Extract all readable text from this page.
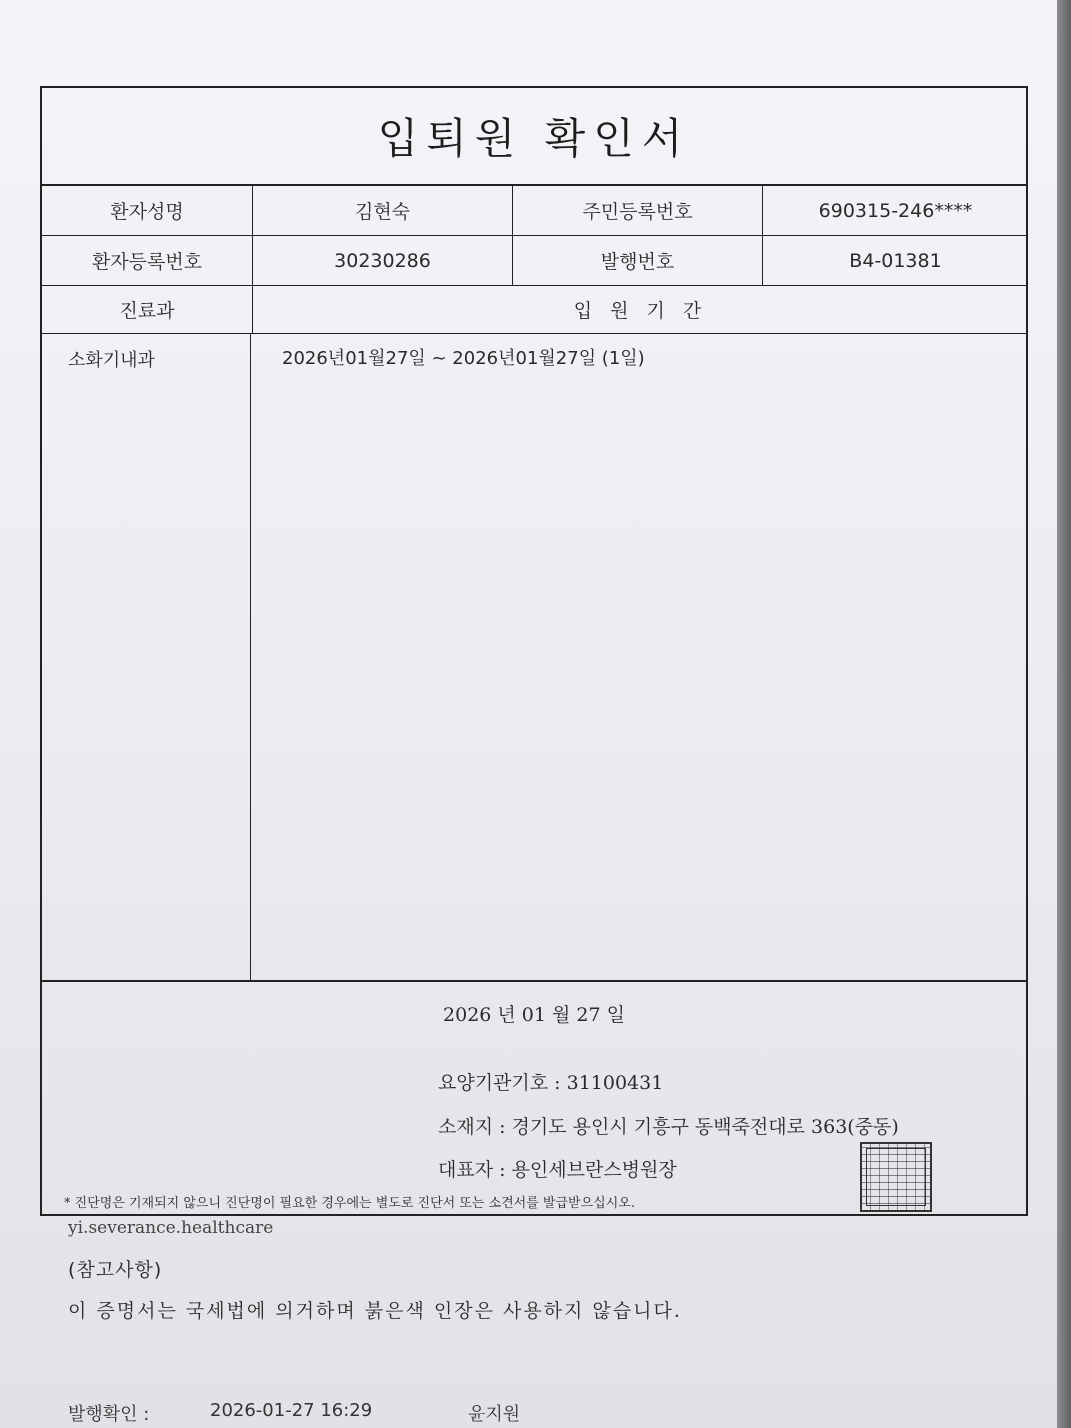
입퇴원 확인서
환자성명	김현숙	주민등록번호	690315-246****
환자등록번호	30230286	발행번호	B4-01381
진료과	입 원 기 간
소화기내과	2026년01월27일 ~ 2026년01월27일 (1일)
2026 년 01 월 27 일
요양기관기호 : 31100431
소재지 : 경기도 용인시 기흥구 동백죽전대로 363(중동)
대표자 : 용인세브란스병원장
* 진단명은 기재되지 않으니 진단명이 필요한 경우에는 별도로 진단서 또는 소견서를 발급받으십시오.
yi.severance.healthcare
(참고사항)
이 증명서는 국세법에 의거하며 붉은색 인장은 사용하지 않습니다.
발행확인 :	2026-01-27 16:29	윤지원
